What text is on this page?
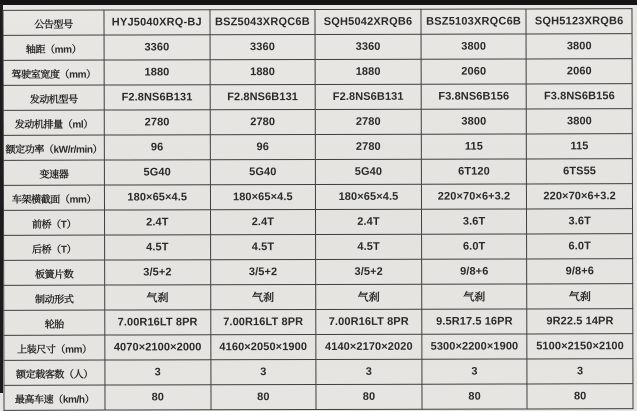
公告型号	HYJ5040XRQ-BJ	BSZ5043XRQC6B	SQH5042XRQB6	BSZ5103XRQC6B	SQH5123XRQB6
轴距（mm）	3360	3360	3360	3800	3800
驾驶室宽度（mm）	1880	1880	1880	2060	2060
发动机型号	F2.8NS6B131	F2.8NS6B131	F2.8NS6B131	F3.8NS6B156	F3.8NS6B156
发动机排量（ml）	2780	2780	2780	3800	3800
额定功率（kW/r/min）	96	96	2780	115	115
变速器	5G40	5G40	5G40	6T120	6TS55
车架横截面（mm）	180×65×4.5	180×65×4.5	180×65×4.5	220×70×6+3.2	220×70×6+3.2
前桥（T）	2.4T	2.4T	2.4T	3.6T	3.6T
后桥（T）	4.5T	4.5T	4.5T	6.0T	6.0T
板簧片数	3/5+2	3/5+2	3/5+2	9/8+6	9/8+6
制动形式	气刹	气刹	气刹	气刹	气刹
轮胎	7.00R16LT 8PR	7.00R16LT 8PR	7.00R16LT 8PR	9.5R17.5 16PR	9R22.5 14PR
上装尺寸（mm）	4070×2100×2000	4160×2050×1900	4140×2170×2020	5300×2200×1900	5100×2150×2100
额定载客数（人）	3	3	3	3	3
最高车速（km/h）	80	80	80	80	80
